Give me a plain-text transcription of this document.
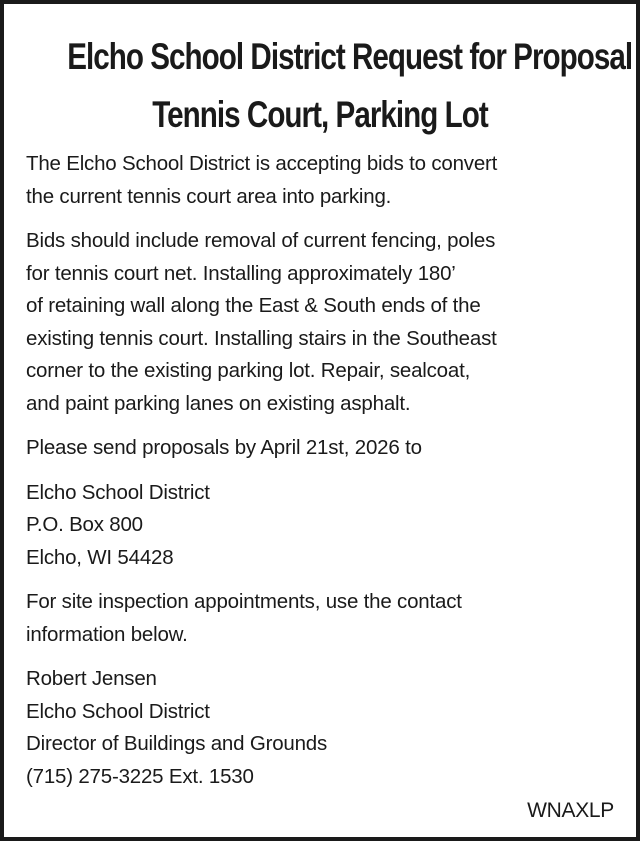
Elcho School District Request for Proposal
Tennis Court, Parking Lot

The Elcho School District is accepting bids to convert
the current tennis court area into parking.

Bids should include removal of current fencing, poles
for tennis court net. Installing approximately 180’
of retaining wall along the East & South ends of the
existing tennis court. Installing stairs in the Southeast
corner to the existing parking lot. Repair, sealcoat,
and paint parking lanes on existing asphalt.

Please send proposals by April 21st, 2026 to

Elcho School District
P.O. Box 800
Elcho, WI 54428

For site inspection appointments, use the contact
information below.

Robert Jensen
Elcho School District
Director of Buildings and Grounds
(715) 275-3225 Ext. 1530

WNAXLP
